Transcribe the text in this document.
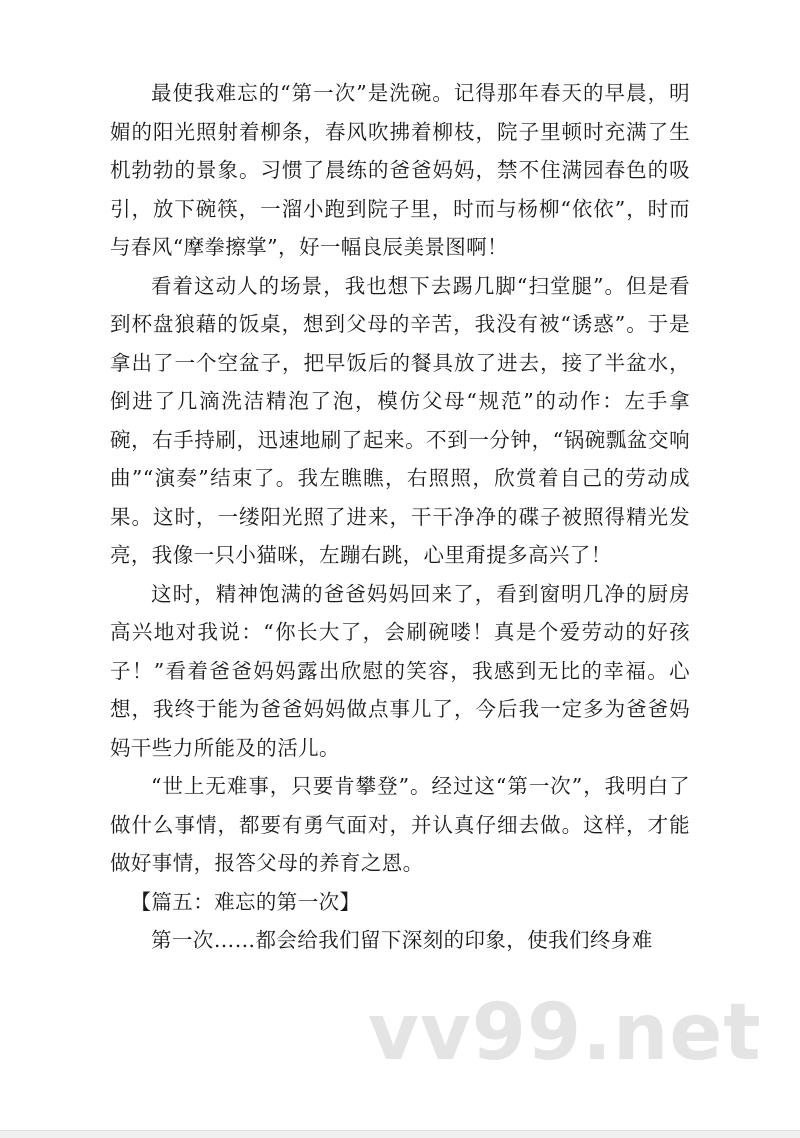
最使我难忘的“第一次”是洗碗。记得那年春天的早晨，明媚的阳光照射着柳条，春风吹拂着柳枝，院子里顿时充满了生机勃勃的景象。习惯了晨练的爸爸妈妈，禁不住满园春色的吸引，放下碗筷，一溜小跑到院子里，时而与杨柳“依依”，时而与春风“摩拳擦掌”，好一幅良辰美景图啊！

看着这动人的场景，我也想下去踢几脚“扫堂腿”。但是看到杯盘狼藉的饭桌，想到父母的辛苦，我没有被“诱惑”。于是拿出了一个空盆子，把早饭后的餐具放了进去，接了半盆水，倒进了几滴洗洁精泡了泡，模仿父母“规范”的动作：左手拿碗，右手持刷，迅速地刷了起来。不到一分钟，“锅碗瓢盆交响曲”“演奏”结束了。我左瞧瞧，右照照，欣赏着自己的劳动成果。这时，一缕阳光照了进来，干干净净的碟子被照得精光发亮，我像一只小猫咪，左蹦右跳，心里甭提多高兴了！

这时，精神饱满的爸爸妈妈回来了，看到窗明几净的厨房高兴地对我说：“你长大了，会刷碗喽！真是个爱劳动的好孩子！”看着爸爸妈妈露出欣慰的笑容，我感到无比的幸福。心想，我终于能为爸爸妈妈做点事儿了，今后我一定多为爸爸妈妈干些力所能及的活儿。

“世上无难事，只要肯攀登”。经过这“第一次”，我明白了做什么事情，都要有勇气面对，并认真仔细去做。这样，才能做好事情，报答父母的养育之恩。

【篇五：难忘的第一次】

第一次……都会给我们留下深刻的印象，使我们终身难

vv99.net
